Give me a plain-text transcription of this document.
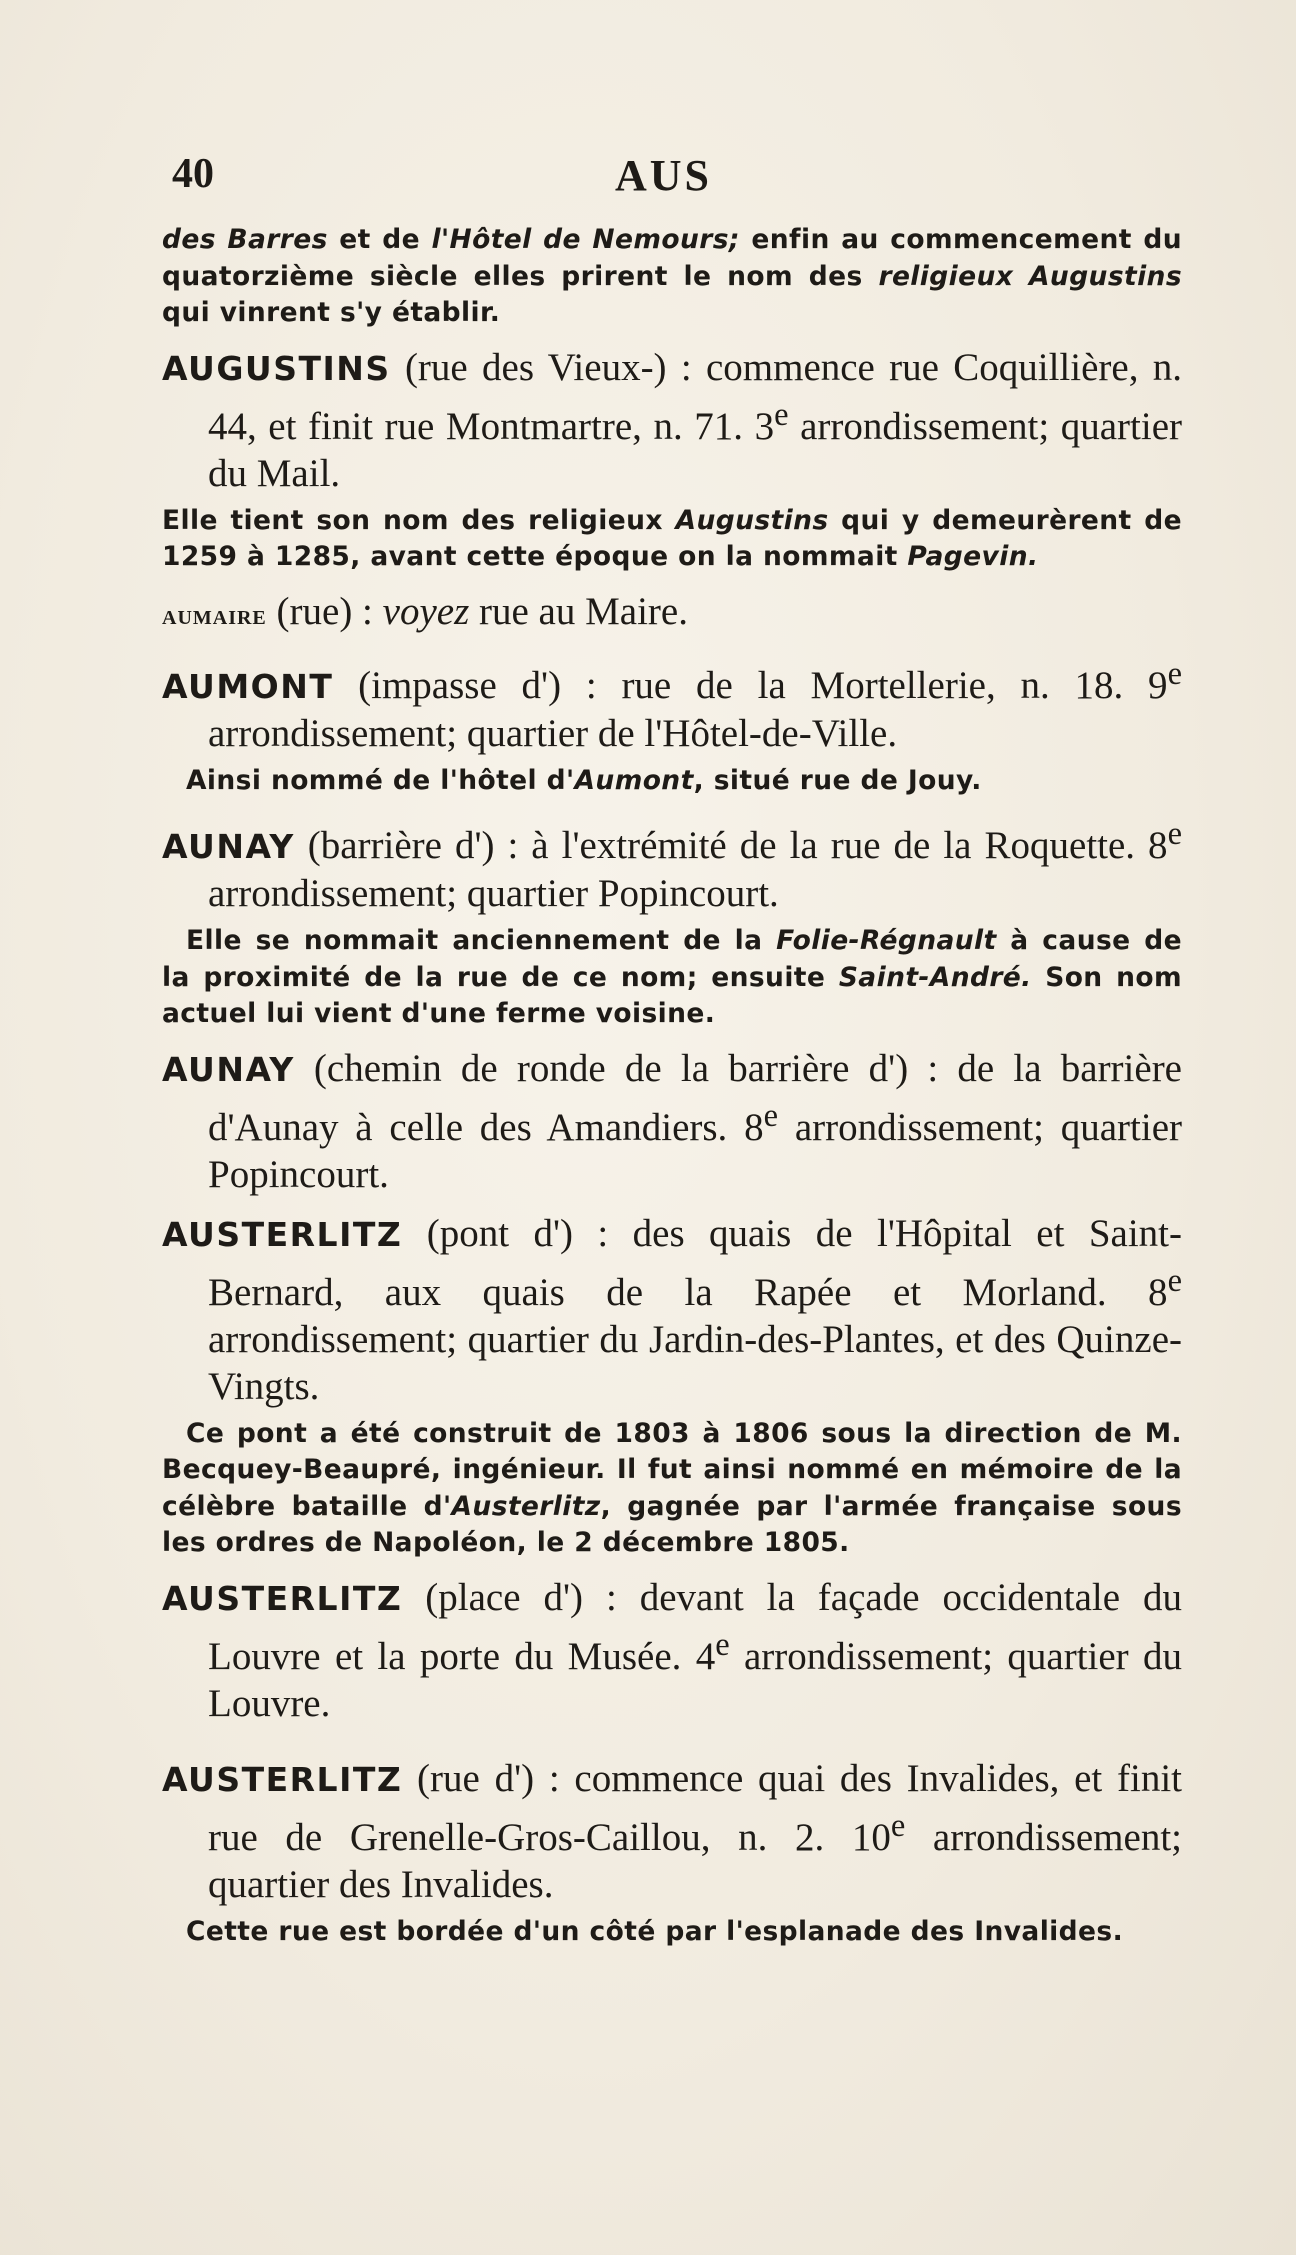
40	AUS

des Barres et de l'Hôtel de Nemours; enfin au commencement du quatorzième siècle elles prirent le nom des religieux Augustins qui vinrent s'y établir.

AUGUSTINS (rue des Vieux-) : commence rue Coquillière, n. 44, et finit rue Montmartre, n. 71. 3e arrondissement; quartier du Mail.

Elle tient son nom des religieux Augustins qui y demeurèrent de 1259 à 1285, avant cette époque on la nommait Pagevin.

aumaire (rue) : voyez rue au Maire.

AUMONT (impasse d') : rue de la Mortellerie, n. 18. 9e arrondissement; quartier de l'Hôtel-de-Ville.

Ainsi nommé de l'hôtel d'Aumont, situé rue de Jouy.

AUNAY (barrière d') : à l'extrémité de la rue de la Roquette. 8e arrondissement; quartier Popincourt.

Elle se nommait anciennement de la Folie-Régnault à cause de la proximité de la rue de ce nom; ensuite Saint-André. Son nom actuel lui vient d'une ferme voisine.

AUNAY (chemin de ronde de la barrière d') : de la barrière d'Aunay à celle des Amandiers. 8e arrondissement; quartier Popincourt.

AUSTERLITZ (pont d') : des quais de l'Hôpital et Saint-Bernard, aux quais de la Rapée et Morland. 8e arrondissement; quartier du Jardin-des-Plantes, et des Quinze-Vingts.

Ce pont a été construit de 1803 à 1806 sous la direction de M. Becquey-Beaupré, ingénieur. Il fut ainsi nommé en mémoire de la célèbre bataille d'Austerlitz, gagnée par l'armée française sous les ordres de Napoléon, le 2 décembre 1805.

AUSTERLITZ (place d') : devant la façade occidentale du Louvre et la porte du Musée. 4e arrondissement; quartier du Louvre.

AUSTERLITZ (rue d') : commence quai des Invalides, et finit rue de Grenelle-Gros-Caillou, n. 2. 10e arrondissement; quartier des Invalides.

Cette rue est bordée d'un côté par l'esplanade des Invalides.
